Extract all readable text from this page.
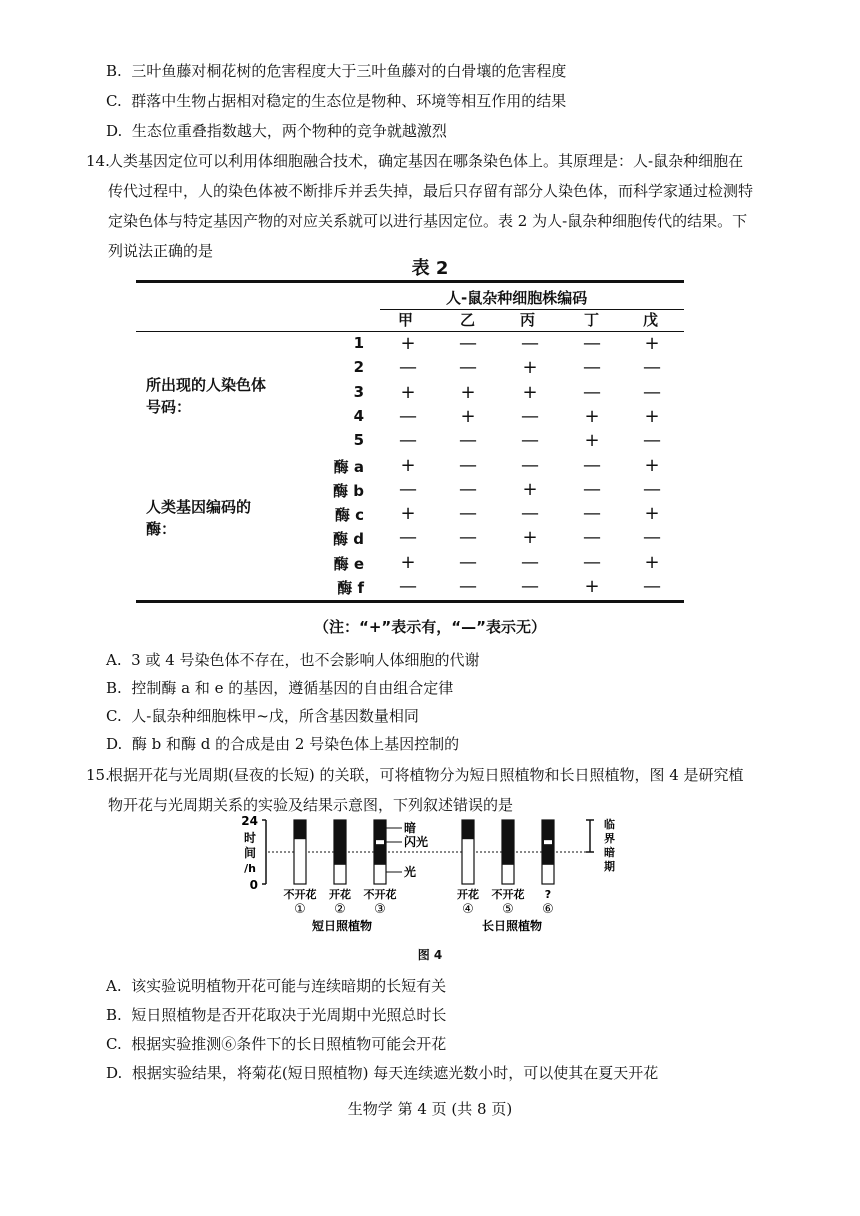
B. 三叶鱼藤对桐花树的危害程度大于三叶鱼藤对的白骨壤的危害程度
C. 群落中生物占据相对稳定的生态位是物种、环境等相互作用的结果
D. 生态位重叠指数越大，两个物种的竞争就越激烈
14.
人类基因定位可以利用体细胞融合技术，确定基因在哪条染色体上。其原理是：人-鼠杂种细胞在
传代过程中，人的染色体被不断排斥并丢失掉，最后只存留有部分人染色体，而科学家通过检测特
定染色体与特定基因产物的对应关系就可以进行基因定位。表 2 为人-鼠杂种细胞传代的结果。下
列说法正确的是
表 2
人-鼠杂种细胞株编码
甲	乙	丙	丁	戊
所出现的人染色体
号码：
人类基因编码的
酶：
1	+	—	—	—	+
2	—	—	+	—	—
3	+	+	+	—	—
4	—	+	—	+	+
5	—	—	—	+	—
酶 a	+	—	—	—	+
酶 b	—	—	+	—	—
酶 c	+	—	—	—	+
酶 d	—	—	+	—	—
酶 e	+	—	—	—	+
酶 f	—	—	—	+	—
（注：“+”表示有，“—”表示无）
A. 3 或 4 号染色体不存在，也不会影响人体细胞的代谢
B. 控制酶 a 和 e 的基因，遵循基因的自由组合定律
C. 人-鼠杂种细胞株甲~戊，所含基因数量相同
D. 酶 b 和酶 d 的合成是由 2 号染色体上基因控制的
15.
根据开花与光周期(昼夜的长短) 的关联，可将植物分为短日照植物和长日照植物，图 4 是研究植
物开花与光周期关系的实验及结果示意图，下列叙述错误的是
24
0
时
间
/h
不开花
①
开花
②
不开花
③
开花
④
不开花
⑤
?
⑥
暗
闪光
光
临
界
暗
期
短日照植物	长日照植物
图 4
A. 该实验说明植物开花可能与连续暗期的长短有关
B. 短日照植物是否开花取决于光周期中光照总时长
C. 根据实验推测⑥条件下的长日照植物可能会开花
D. 根据实验结果，将菊花(短日照植物) 每天连续遮光数小时，可以使其在夏天开花
生物学 第 4 页 (共 8 页)
